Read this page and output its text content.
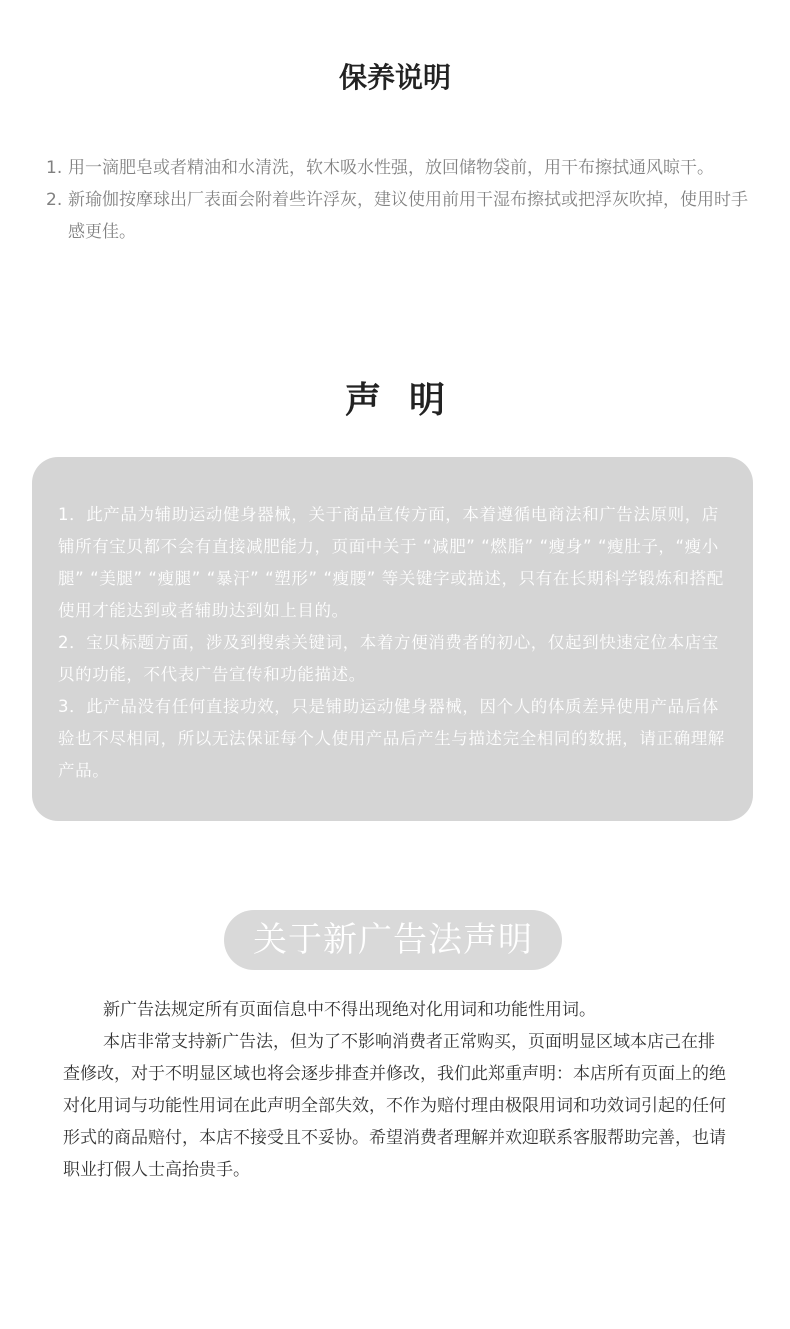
保养说明
1. 用一滴肥皂或者精油和水清洗，软木吸水性强，放回储物袋前，用干布擦拭通风晾干。
2. 新瑜伽按摩球出厂表面会附着些许浮灰，建议使用前用干湿布擦拭或把浮灰吹掉，使用时手感更佳。
声明

1．此产品为辅助运动健身器械，关于商品宣传方面，本着遵循电商法和广告法原则，店铺所有宝贝都不会有直接减肥能力，页面中关于 “减肥” “燃脂” “瘦身” “瘦肚子，“瘦小腿” “美腿” “瘦腿” “暴汗” “塑形” “瘦腰” 等关键字或描述，只有在长期科学锻炼和搭配使用才能达到或者辅助达到如上目的。

2．宝贝标题方面，涉及到搜索关键词，本着方便消费者的初心，仅起到快速定位本店宝贝的功能，不代表广告宣传和功能描述。

3．此产品没有任何直接功效，只是铺助运动健身器械，因个人的体质差异使用产品后体验也不尽相同，所以无法保证每个人使用产品后产生与描述完全相同的数据，请正确理解产品。

关于新广告法声明

新广告法规定所有页面信息中不得出现绝对化用词和功能性用词。

本店非常支持新广告法，但为了不影响消费者正常购买，页面明显区域本店己在排查修改，对于不明显区域也将会逐步排查并修改，我们此郑重声明：本店所有页面上的绝对化用词与功能性用词在此声明全部失效，不作为赔付理由极限用词和功效词引起的任何形式的商品赔付，本店不接受且不妥协。希望消费者理解并欢迎联系客服帮助完善，也请职业打假人士高抬贵手。
